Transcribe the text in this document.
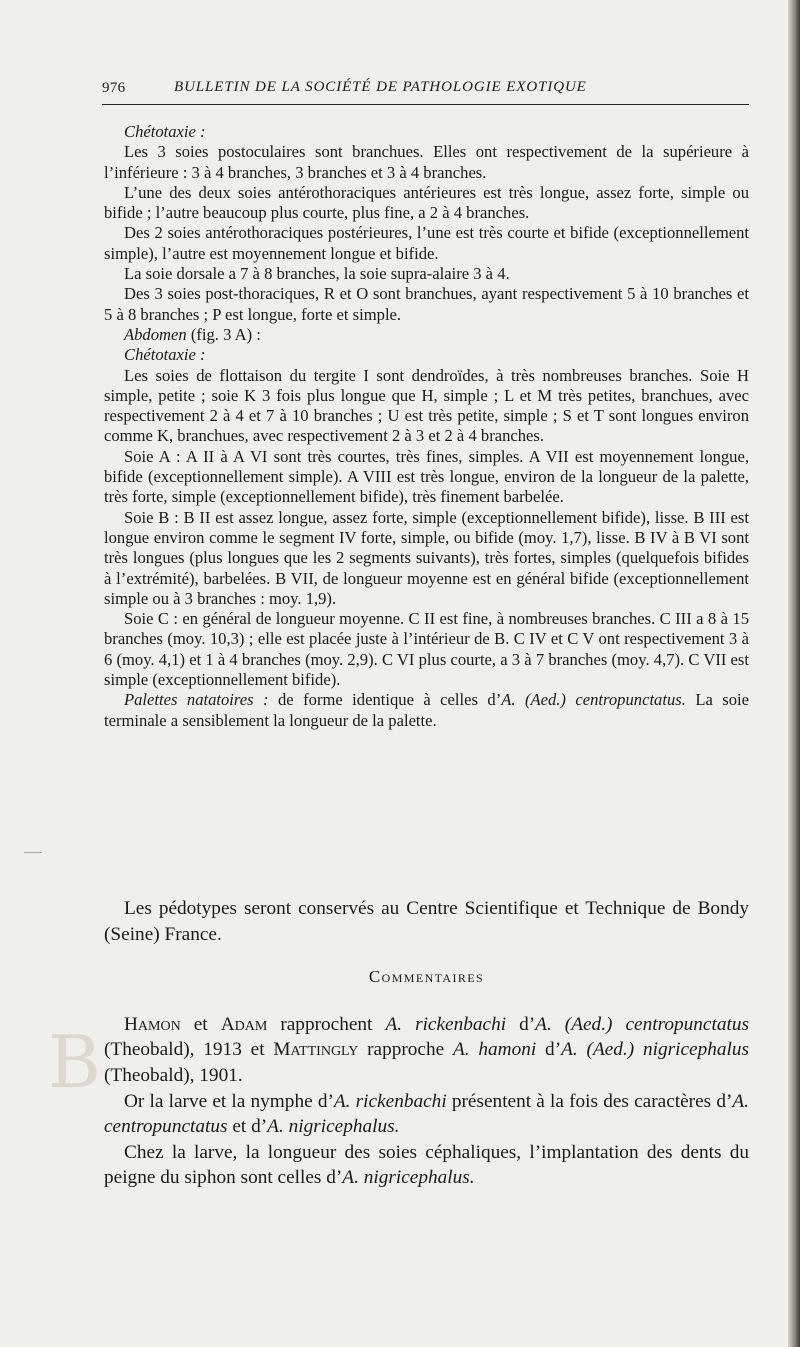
B
976	BULLETIN DE LA SOCIÉTÉ DE PATHOLOGIE EXOTIQUE

Chétotaxie :

Les 3 soies postoculaires sont branchues. Elles ont respectivement de la supérieure à l’inférieure : 3 à 4 branches, 3 branches et 3 à 4 branches.

L’une des deux soies antérothoraciques antérieures est très longue, assez forte, simple ou bifide ; l’autre beaucoup plus courte, plus fine, a 2 à 4 branches.

Des 2 soies antérothoraciques postérieures, l’une est très courte et bifide (exceptionnellement simple), l’autre est moyennement longue et bifide.

La soie dorsale a 7 à 8 branches, la soie supra-alaire 3 à 4.

Des 3 soies post-thoraciques, R et O sont branchues, ayant respectivement 5 à 10 branches et 5 à 8 branches ; P est longue, forte et simple.

Abdomen (fig. 3 A) :

Chétotaxie :

Les soies de flottaison du tergite I sont dendroïdes, à très nombreuses branches. Soie H simple, petite ; soie K 3 fois plus longue que H, simple ; L et M très petites, branchues, avec respectivement 2 à 4 et 7 à 10 branches ; U est très petite, simple ; S et T sont longues environ comme K, branchues, avec respectivement 2 à 3 et 2 à 4 branches.

Soie A : A II à A VI sont très courtes, très fines, simples. A VII est moyennement longue, bifide (exceptionnellement simple). A VIII est très longue, environ de la longueur de la palette, très forte, simple (exceptionnellement bifide), très finement barbelée.

Soie B : B II est assez longue, assez forte, simple (exceptionnellement bifide), lisse. B III est longue environ comme le segment IV forte, simple, ou bifide (moy. 1,7), lisse. B IV à B VI sont très longues (plus longues que les 2 segments suivants), très fortes, simples (quelquefois bifides à l’extrémité), barbelées. B VII, de longueur moyenne est en général bifide (exceptionnellement simple ou à 3 branches : moy. 1,9).

Soie C : en général de longueur moyenne. C II est fine, à nombreuses branches. C III a 8 à 15 branches (moy. 10,3) ; elle est placée juste à l’intérieur de B. C IV et C V ont respectivement 3 à 6 (moy. 4,1) et 1 à 4 branches (moy. 2,9). C VI plus courte, a 3 à 7 branches (moy. 4,7). C VII est simple (exceptionnellement bifide).

Palettes natatoires : de forme identique à celles d’A. (Aed.) centropunctatus. La soie terminale a sensiblement la longueur de la palette.

Les pédotypes seront conservés au Centre Scientifique et Technique de Bondy (Seine) France.

Commentaires

Hamon et Adam rapprochent A. rickenbachi d’A. (Aed.) centropunctatus (Theobald), 1913 et Mattingly rapproche A. hamoni d’A. (Aed.) nigricephalus (Theobald), 1901.

Or la larve et la nymphe d’A. rickenbachi présentent à la fois des caractères d’A. centropunctatus et d’A. nigricephalus.

Chez la larve, la longueur des soies céphaliques, l’implantation des dents du peigne du siphon sont celles d’A. nigricephalus.
